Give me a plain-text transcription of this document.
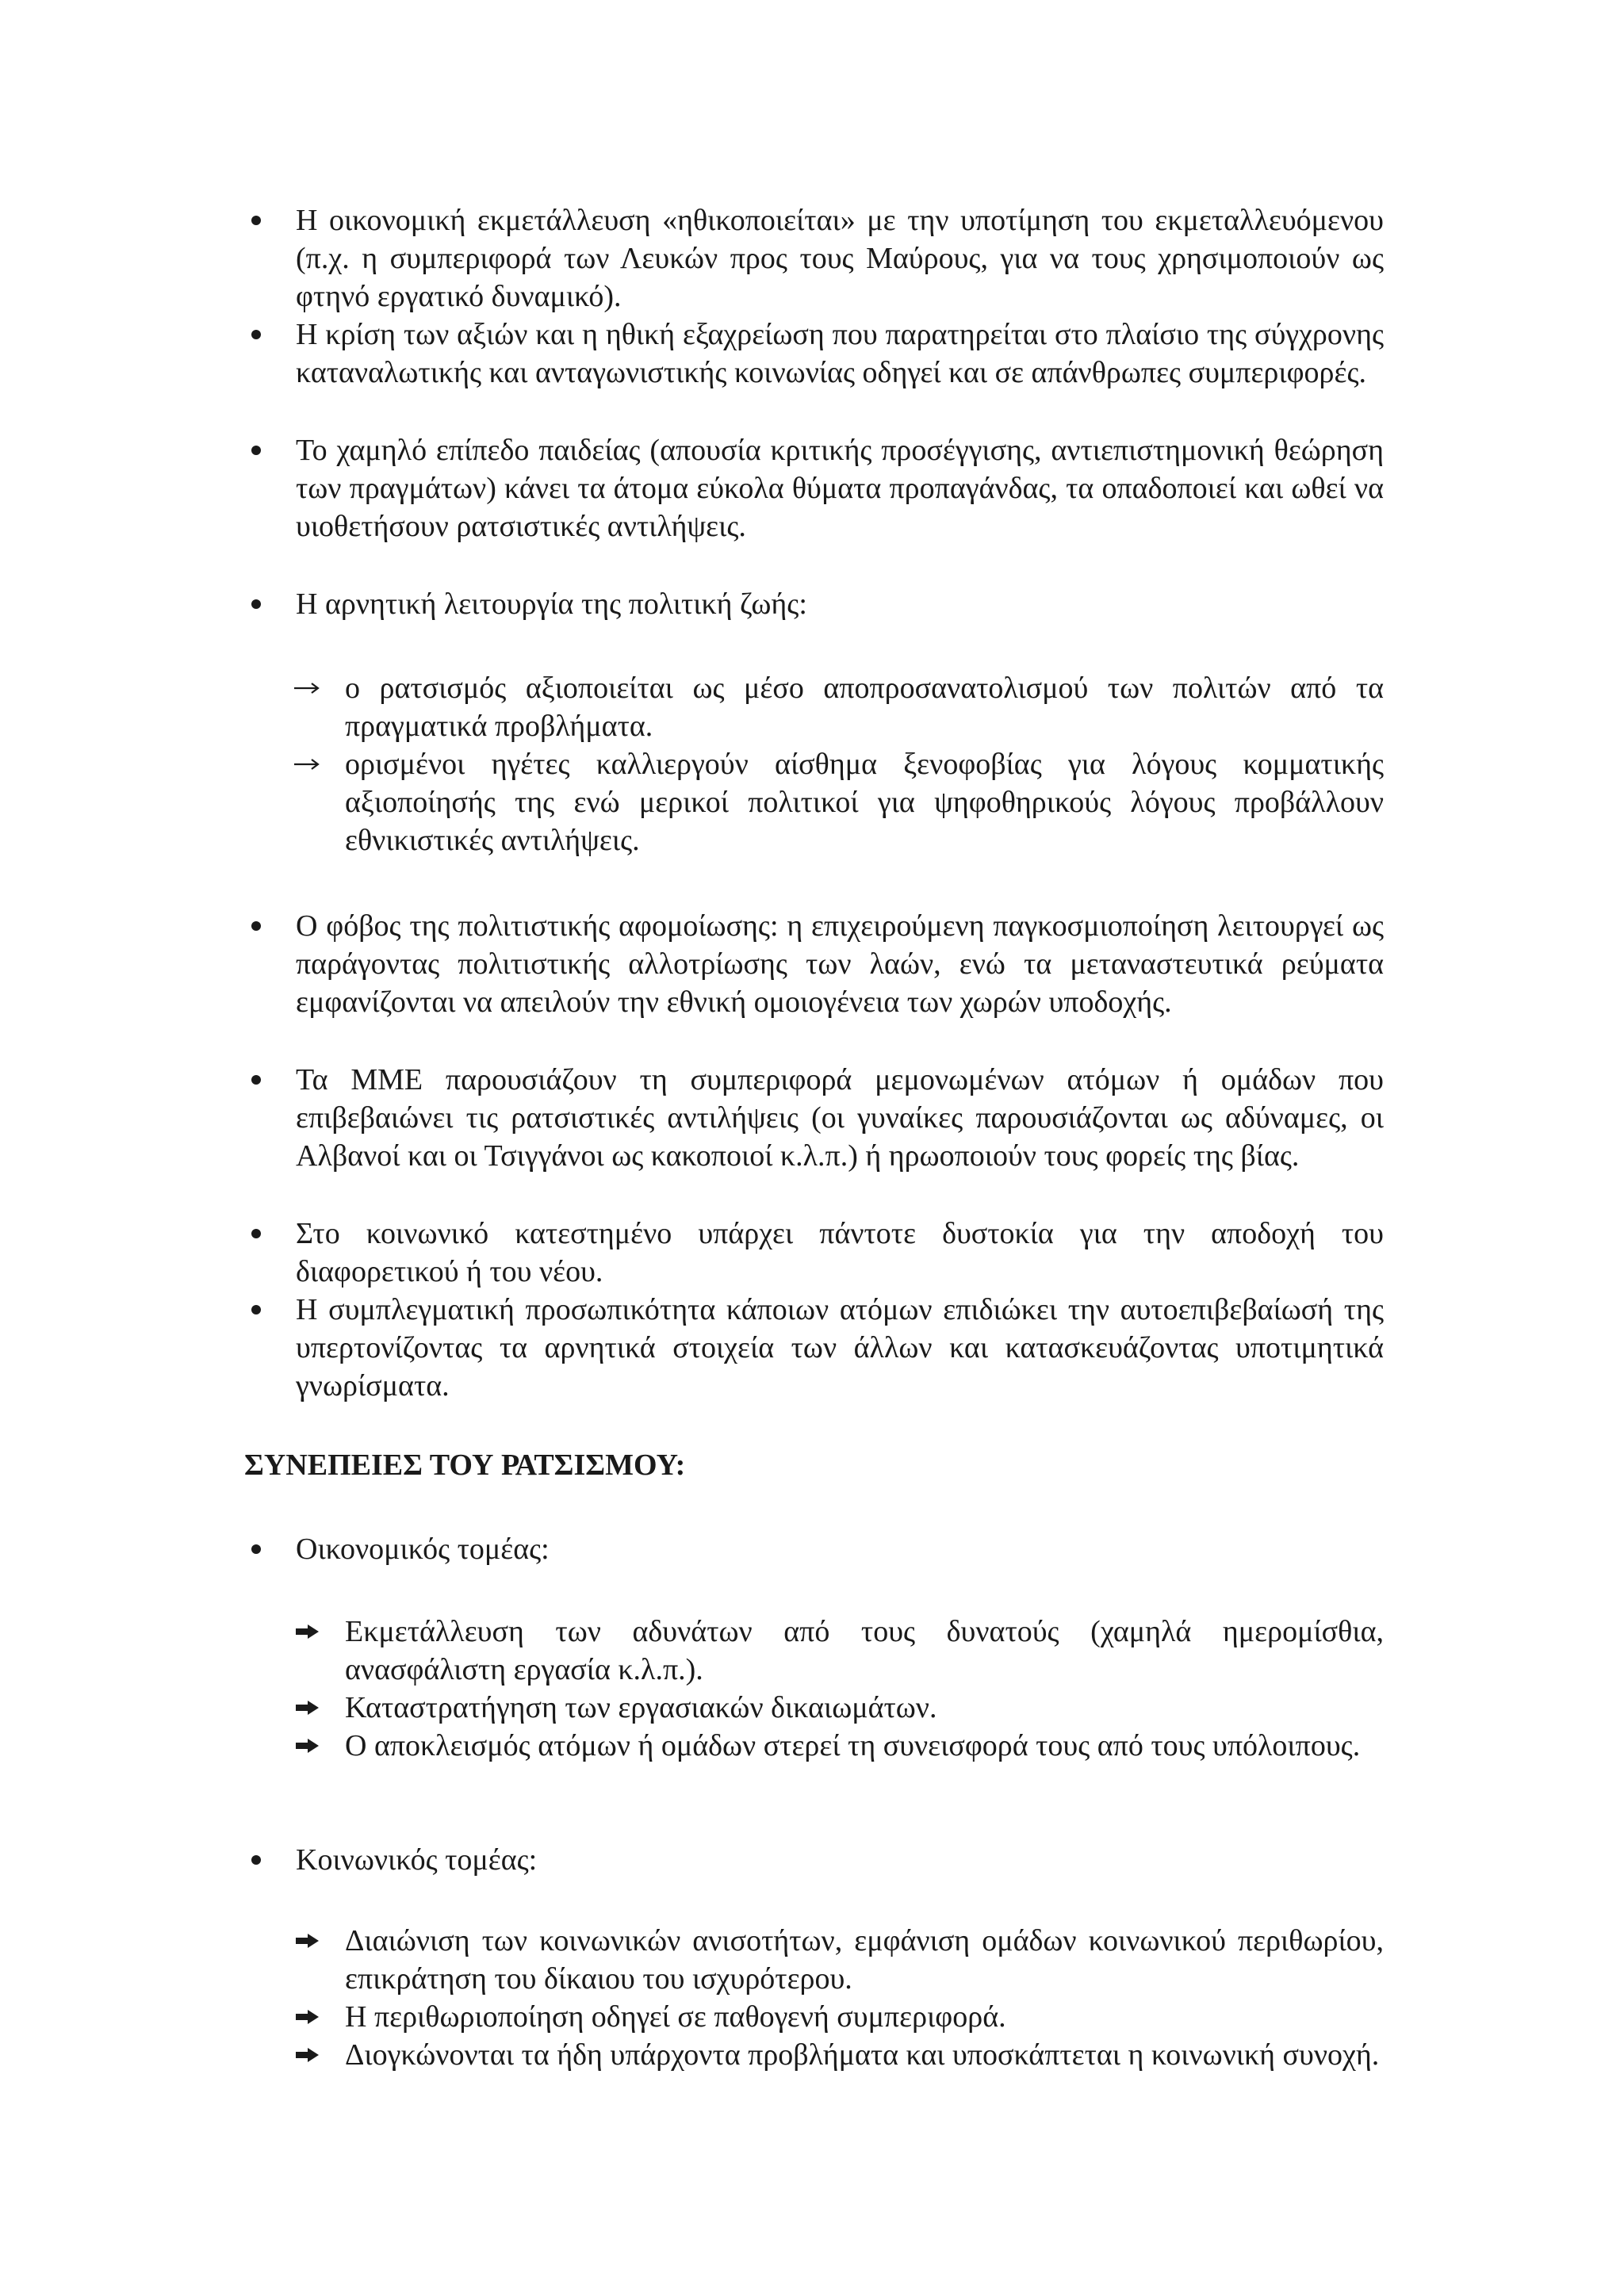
Η οικονομική εκμετάλλευση «ηθικοποιείται» με την υποτίμηση του εκμεταλλευόμενου (π.χ. η συμπεριφορά των Λευκών προς τους Μαύρους, για να τους χρησιμοποιούν ως φτηνό εργατικό δυναμικό).
Η κρίση των αξιών και η ηθική εξαχρείωση που παρατηρείται στο πλαίσιο της σύγχρονης καταναλωτικής και ανταγωνιστικής κοινωνίας οδηγεί και σε απάνθρωπες συμπεριφορές.
Το χαμηλό επίπεδο παιδείας (απουσία κριτικής προσέγγισης, αντιεπιστημονική θεώρηση των πραγμάτων) κάνει τα άτομα εύκολα θύματα προπαγάνδας, τα οπαδοποιεί και ωθεί να υιοθετήσουν ρατσιστικές αντιλήψεις.
Η αρνητική λειτουργία της πολιτική ζωής:
ο ρατσισμός αξιοποιείται ως μέσο αποπροσανατολισμού των πολιτών από τα πραγματικά προβλήματα.
ορισμένοι ηγέτες καλλιεργούν αίσθημα ξενοφοβίας για λόγους κομματικής αξιοποίησής της ενώ μερικοί πολιτικοί για ψηφοθηρικούς λόγους προβάλλουν εθνικιστικές αντιλήψεις.
Ο φόβος της πολιτιστικής αφομοίωσης: η επιχειρούμενη παγκοσμιοποίηση λειτουργεί ως παράγοντας πολιτιστικής αλλοτρίωσης των λαών, ενώ τα μεταναστευτικά ρεύματα εμφανίζονται να απειλούν την εθνική ομοιογένεια των χωρών υποδοχής.
Τα ΜΜΕ παρουσιάζουν τη συμπεριφορά μεμονωμένων ατόμων ή ομάδων που επιβεβαιώνει τις ρατσιστικές αντιλήψεις (οι γυναίκες παρουσιάζονται ως αδύναμες, οι Αλβανοί και οι Τσιγγάνοι ως κακοποιοί κ.λ.π.) ή ηρωοποιούν τους φορείς της βίας.
Στο κοινωνικό κατεστημένο υπάρχει πάντοτε δυστοκία για την αποδοχή του διαφορετικού ή του νέου.
Η συμπλεγματική προσωπικότητα κάποιων ατόμων επιδιώκει την αυτοεπιβεβαίωσή της υπερτονίζοντας τα αρνητικά στοιχεία των άλλων και κατασκευάζοντας υποτιμητικά γνωρίσματα.
ΣΥΝΕΠΕΙΕΣ ΤΟΥ ΡΑΤΣΙΣΜΟΥ:
Οικονομικός τομέας:
Εκμετάλλευση των αδυνάτων από τους δυνατούς (χαμηλά ημερομίσθια, ανασφάλιστη εργασία κ.λ.π.).
Καταστρατήγηση των εργασιακών δικαιωμάτων.
Ο αποκλεισμός ατόμων ή ομάδων στερεί τη συνεισφορά τους από τους υπόλοιπους.
Κοινωνικός τομέας:
Διαιώνιση των κοινωνικών ανισοτήτων, εμφάνιση ομάδων κοινωνικού περιθωρίου, επικράτηση του δίκαιου του ισχυρότερου.
Η περιθωριοποίηση οδηγεί σε παθογενή συμπεριφορά.
Διογκώνονται τα ήδη υπάρχοντα προβλήματα και υποσκάπτεται η κοινωνική συνοχή.
